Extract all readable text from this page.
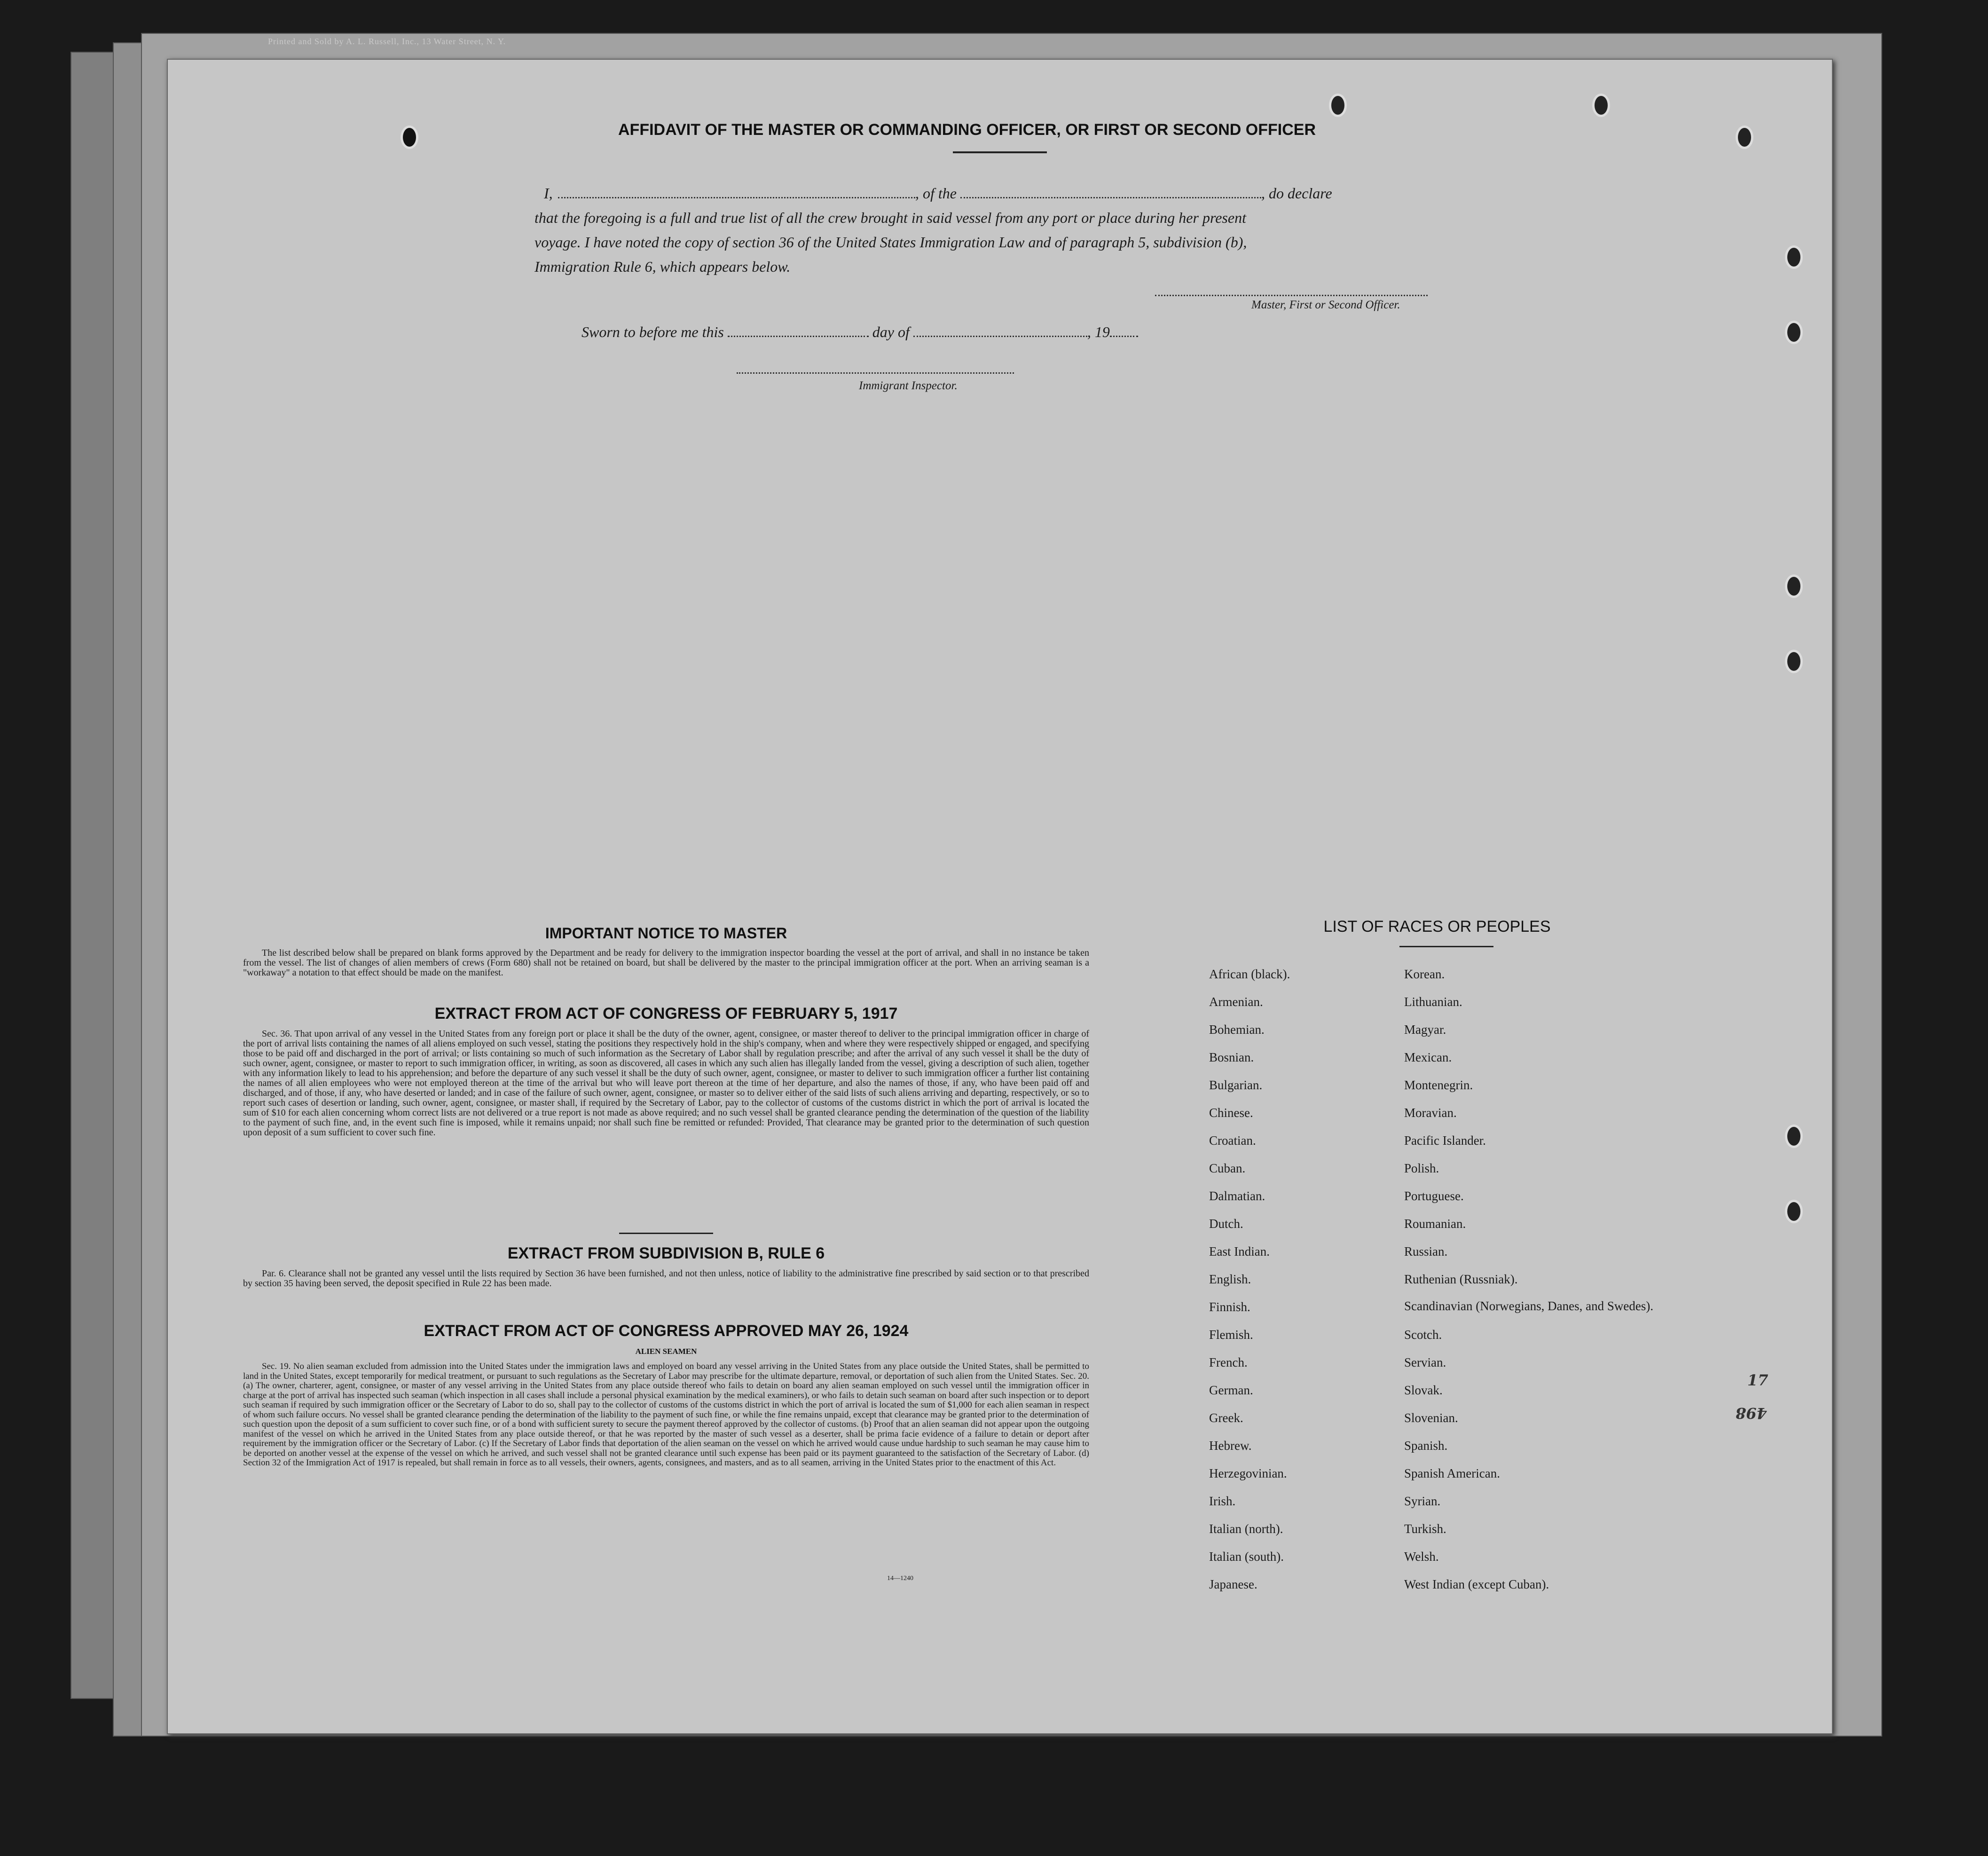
Printed and Sold by A. L. Russell, Inc., 13 Water Street, N. Y.
AFFIDAVIT OF THE MASTER OR COMMANDING OFFICER, OR FIRST OR SECOND OFFICER
I,	, of the	, do declare
that the foregoing is a full and true list of all the crew brought in said vessel from any port or place during her present
voyage. I have noted the copy of section 36 of the United States Immigration Law and of paragraph 5, subdivision (b),
Immigration Rule 6, which appears below.
Master, First or Second Officer.
Sworn to before me this	day of	, 19
Immigrant Inspector.
IMPORTANT NOTICE TO MASTER
The list described below shall be prepared on blank forms approved by the Department and be ready for delivery to the immigration inspector boarding the vessel at the port of arrival, and shall in no instance be taken from the vessel. The list of changes of alien members of crews (Form 680) shall not be retained on board, but shall be delivered by the master to the principal immigration officer at the port. When an arriving seaman is a "workaway" a notation to that effect should be made on the manifest.
EXTRACT FROM ACT OF CONGRESS OF FEBRUARY 5, 1917
Sec. 36. That upon arrival of any vessel in the United States from any foreign port or place it shall be the duty of the owner, agent, consignee, or master thereof to deliver to the principal immigration officer in charge of the port of arrival lists containing the names of all aliens employed on such vessel, stating the positions they respectively hold in the ship's company, when and where they were respectively shipped or engaged, and specifying those to be paid off and discharged in the port of arrival; or lists containing so much of such information as the Secretary of Labor shall by regulation prescribe; and after the arrival of any such vessel it shall be the duty of such owner, agent, consignee, or master to report to such immigration officer, in writing, as soon as discovered, all cases in which any such alien has illegally landed from the vessel, giving a description of such alien, together with any information likely to lead to his apprehension; and before the departure of any such vessel it shall be the duty of such owner, agent, consignee, or master to deliver to such immigration officer a further list containing the names of all alien employees who were not employed thereon at the time of the arrival but who will leave port thereon at the time of her departure, and also the names of those, if any, who have been paid off and discharged, and of those, if any, who have deserted or landed; and in case of the failure of such owner, agent, consignee, or master so to deliver either of the said lists of such aliens arriving and departing, respectively, or so to report such cases of desertion or landing, such owner, agent, consignee, or master shall, if required by the Secretary of Labor, pay to the collector of customs of the customs district in which the port of arrival is located the sum of $10 for each alien concerning whom correct lists are not delivered or a true report is not made as above required; and no such vessel shall be granted clearance pending the determination of the question of the liability to the payment of such fine, and, in the event such fine is imposed, while it remains unpaid; nor shall such fine be remitted or refunded: Provided, That clearance may be granted prior to the determination of such question upon deposit of a sum sufficient to cover such fine.
EXTRACT FROM SUBDIVISION B, RULE 6
Par. 6. Clearance shall not be granted any vessel until the lists required by Section 36 have been furnished, and not then unless, notice of liability to the administrative fine prescribed by said section or to that prescribed by section 35 having been served, the deposit specified in Rule 22 has been made.
EXTRACT FROM ACT OF CONGRESS APPROVED MAY 26, 1924
ALIEN SEAMEN
Sec. 19. No alien seaman excluded from admission into the United States under the immigration laws and employed on board any vessel arriving in the United States from any place outside the United States, shall be permitted to land in the United States, except temporarily for medical treatment, or pursuant to such regulations as the Secretary of Labor may prescribe for the ultimate departure, removal, or deportation of such alien from the United States. Sec. 20. (a) The owner, charterer, agent, consignee, or master of any vessel arriving in the United States from any place outside thereof who fails to detain on board any alien seaman employed on such vessel until the immigration officer in charge at the port of arrival has inspected such seaman (which inspection in all cases shall include a personal physical examination by the medical examiners), or who fails to detain such seaman on board after such inspection or to deport such seaman if required by such immigration officer or the Secretary of Labor to do so, shall pay to the collector of customs of the customs district in which the port of arrival is located the sum of $1,000 for each alien seaman in respect of whom such failure occurs. No vessel shall be granted clearance pending the determination of the liability to the payment of such fine, or while the fine remains unpaid, except that clearance may be granted prior to the determination of such question upon the deposit of a sum sufficient to cover such fine, or of a bond with sufficient surety to secure the payment thereof approved by the collector of customs. (b) Proof that an alien seaman did not appear upon the outgoing manifest of the vessel on which he arrived in the United States from any place outside thereof, or that he was reported by the master of such vessel as a deserter, shall be prima facie evidence of a failure to detain or deport after requirement by the immigration officer or the Secretary of Labor. (c) If the Secretary of Labor finds that deportation of the alien seaman on the vessel on which he arrived would cause undue hardship to such seaman he may cause him to be deported on another vessel at the expense of the vessel on which he arrived, and such vessel shall not be granted clearance until such expense has been paid or its payment guaranteed to the satisfaction of the Secretary of Labor. (d) Section 32 of the Immigration Act of 1917 is repealed, but shall remain in force as to all vessels, their owners, agents, consignees, and masters, and as to all seamen, arriving in the United States prior to the enactment of this Act.
14—1240
LIST OF RACES OR PEOPLES
African (black).
Armenian.
Bohemian.
Bosnian.
Bulgarian.
Chinese.
Croatian.
Cuban.
Dalmatian.
Dutch.
East Indian.
English.
Finnish.
Flemish.
French.
German.
Greek.
Hebrew.
Herzegovinian.
Irish.
Italian (north).
Italian (south).
Japanese.
Korean.
Lithuanian.
Magyar.
Mexican.
Montenegrin.
Moravian.
Pacific Islander.
Polish.
Portuguese.
Roumanian.
Russian.
Ruthenian (Russniak).
Scandinavian (Norwegians, Danes, and Swedes).
Scotch.
Servian.
Slovak.
Slovenian.
Spanish.
Spanish American.
Syrian.
Turkish.
Welsh.
West Indian (except Cuban).
17
498
